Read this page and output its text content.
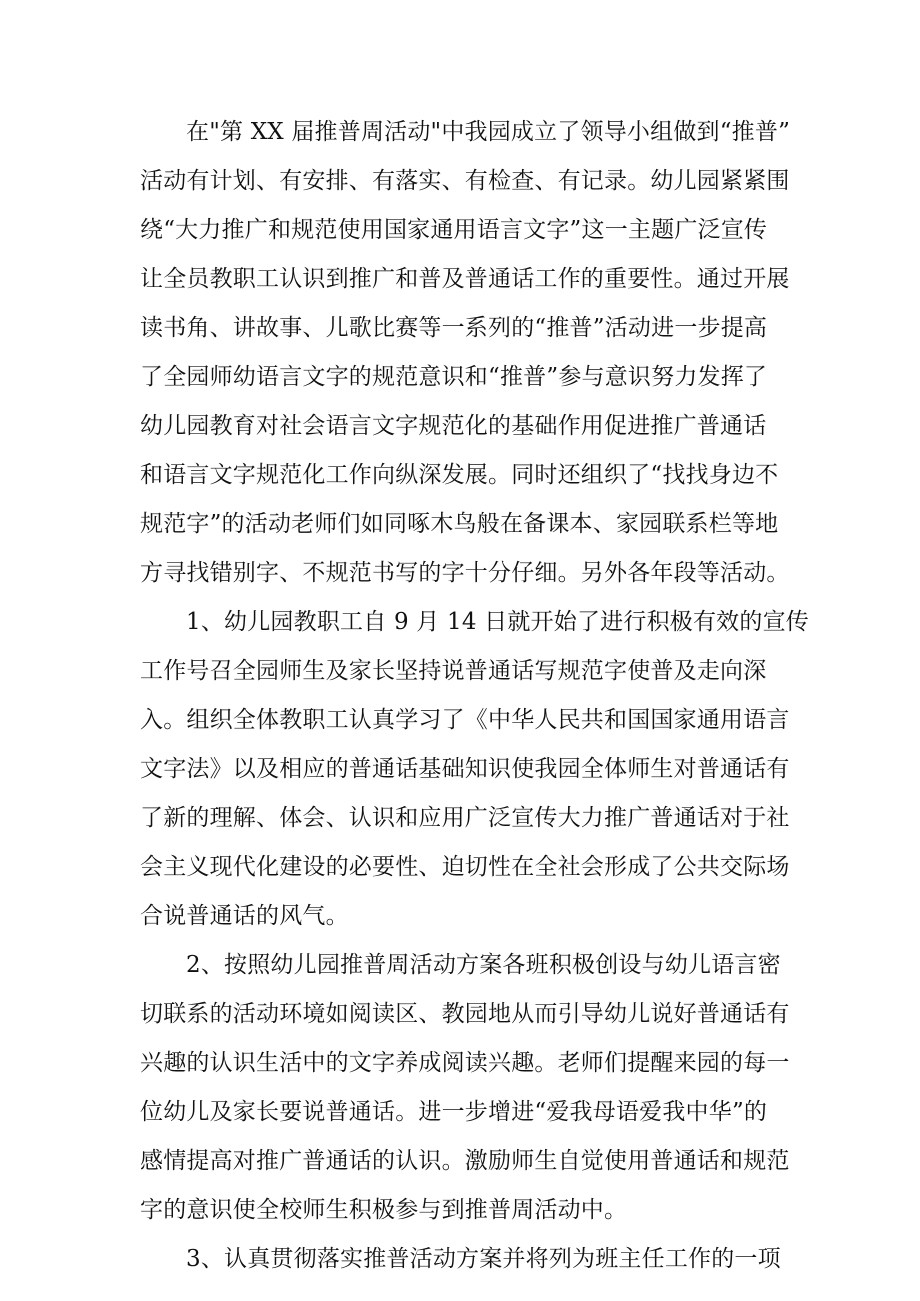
在"第 XX 届推普周活动"中我园成立了领导小组做到“推普”
活动有计划、有安排、有落实、有检查、有记录。幼儿园紧紧围
绕“大力推广和规范使用国家通用语言文字”这一主题广泛宣传
让全员教职工认识到推广和普及普通话工作的重要性。通过开展
读书角、讲故事、儿歌比赛等一系列的“推普”活动进一步提高
了全园师幼语言文字的规范意识和“推普”参与意识努力发挥了
幼儿园教育对社会语言文字规范化的基础作用促进推广普通话
和语言文字规范化工作向纵深发展。同时还组织了“找找身边不
规范字”的活动老师们如同啄木鸟般在备课本、家园联系栏等地
方寻找错别字、不规范书写的字十分仔细。另外各年段等活动。
1、幼儿园教职工自 9 月 14 日就开始了进行积极有效的宣传
工作号召全园师生及家长坚持说普通话写规范字使普及走向深
入。组织全体教职工认真学习了《中华人民共和国国家通用语言
文字法》以及相应的普通话基础知识使我园全体师生对普通话有
了新的理解、体会、认识和应用广泛宣传大力推广普通话对于社
会主义现代化建设的必要性、迫切性在全社会形成了公共交际场
合说普通话的风气。
2、按照幼儿园推普周活动方案各班积极创设与幼儿语言密
切联系的活动环境如阅读区、教园地从而引导幼儿说好普通话有
兴趣的认识生活中的文字养成阅读兴趣。老师们提醒来园的每一
位幼儿及家长要说普通话。进一步增进“爱我母语爱我中华”的
感情提高对推广普通话的认识。激励师生自觉使用普通话和规范
字的意识使全校师生积极参与到推普周活动中。
3、认真贯彻落实推普活动方案并将列为班主任工作的一项
